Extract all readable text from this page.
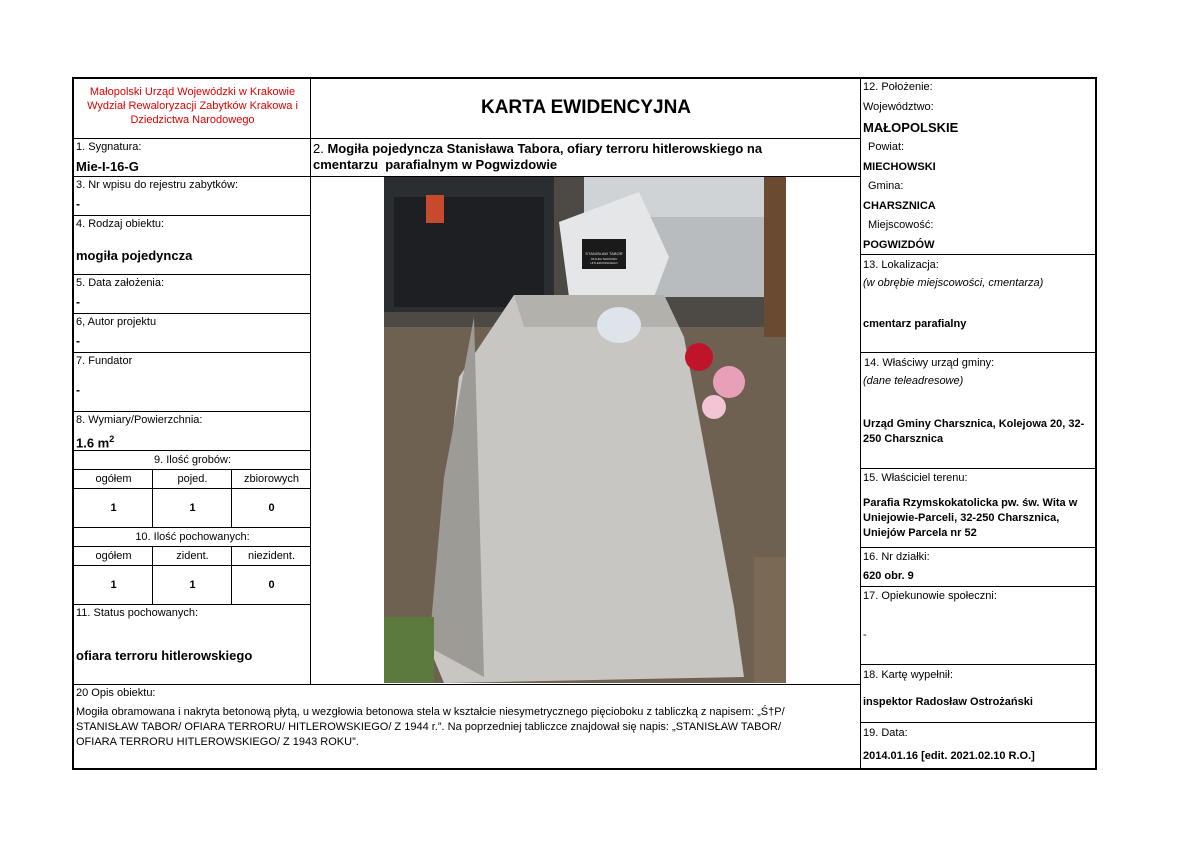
Małopolski Urząd Wojewódzki w Krakowie
Wydział Rewaloryzacji Zabytków Krakowa i
Dziedzictwa Narodowego
KARTA EWIDENCYJNA
1. Sygnatura:
Mie-I-16-G
2. Mogiła pojedyncza Stanisława Tabora, ofiary terroru hitlerowskiego na
cmentarzu  parafialnym w Pogwizdowie
3. Nr wpisu do rejestru zabytków:
-
4. Rodzaj obiektu:
mogiła pojedyncza
5. Data założenia:
-
6, Autor projektu
-
7. Fundator
-
8. Wymiary/Powierzchnia:
1.6 $m^2$
9. Ilość grobów:
ogółem	pojed.	zbiorowych
1	1	0
10. Ilość pochowanych:
ogółem	zident.	niezident.
1	1	0
11. Status pochowanych:
ofiara terroru hitlerowskiego
STANISŁAW TABOR
OFIARA TERRORU
HITLEROWSKIEGO
12. Położenie:
Województwo:
MAŁOPOLSKIE
Powiat:
MIECHOWSKI
Gmina:
CHARSZNICA
Miejscowość:
POGWIZDÓW
13. Lokalizacja:
(w obrębie miejscowości, cmentarza)
cmentarz parafialny
14. Właściwy urząd gminy:
(dane teleadresowe)
Urząd Gminy Charsznica, Kolejowa 20, 32-
250 Charsznica
15. Właściciel terenu:
Parafia Rzymskokatolicka pw. św. Wita w
Uniejowie-Parceli, 32-250 Charsznica,
Uniejów Parcela nr 52
16. Nr działki:
620 obr. 9
17. Opiekunowie społeczni:
-
18. Kartę wypełnił:
inspektor Radosław Ostrożański
19. Data:
2014.01.16 [edit. 2021.02.10 R.O.]
20 Opis obiektu:
Mogiła obramowana i nakryta betonową płytą, u wezgłowia betonowa stela w kształcie niesymetrycznego pięcioboku z tabliczką z napisem: „Ś†P/
STANISŁAW TABOR/ OFIARA TERRORU/ HITLEROWSKIEGO/ Z 1944 r.”. Na poprzedniej tabliczce znajdował się napis: „STANISŁAW TABOR/
OFIARA TERRORU HITLEROWSKIEGO/ Z 1943 ROKU”.
